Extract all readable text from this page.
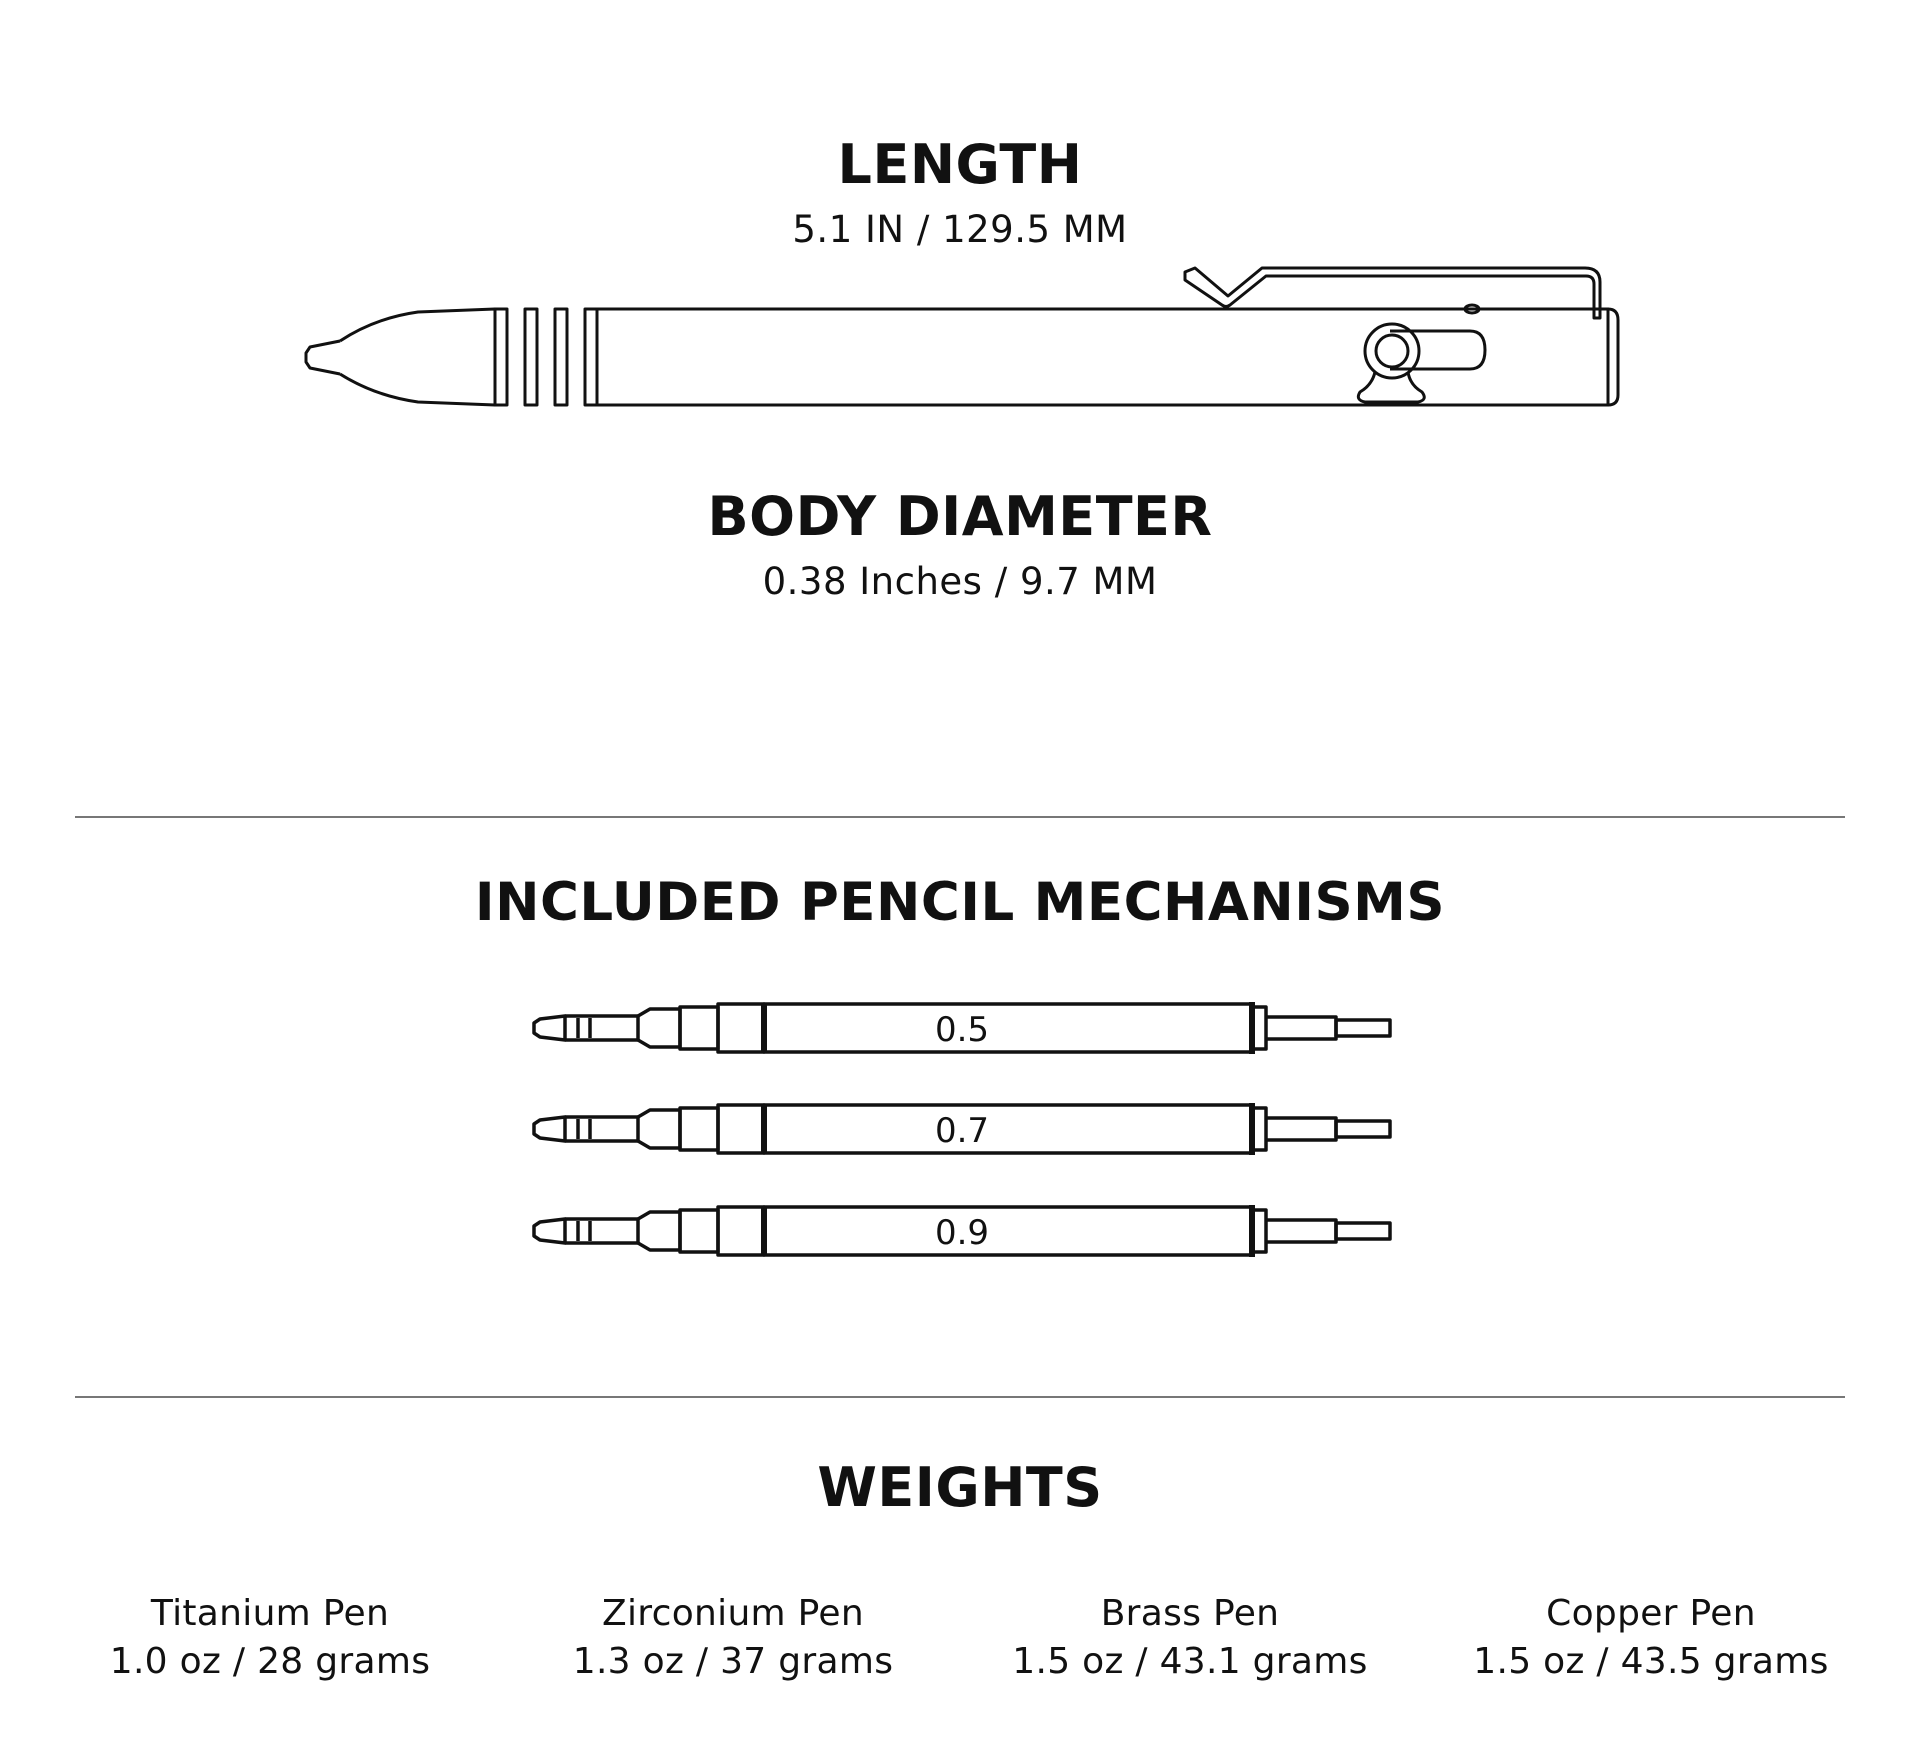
LENGTH
5.1 IN / 129.5 MM
BODY DIAMETER
0.38 Inches / 9.7 MM
INCLUDED PENCIL MECHANISMS
0.5
0.7
0.9
WEIGHTS
Titanium Pen
1.0 oz / 28 grams
Zirconium Pen
1.3 oz / 37 grams
Brass Pen
1.5 oz / 43.1 grams
Copper Pen
1.5 oz / 43.5 grams
